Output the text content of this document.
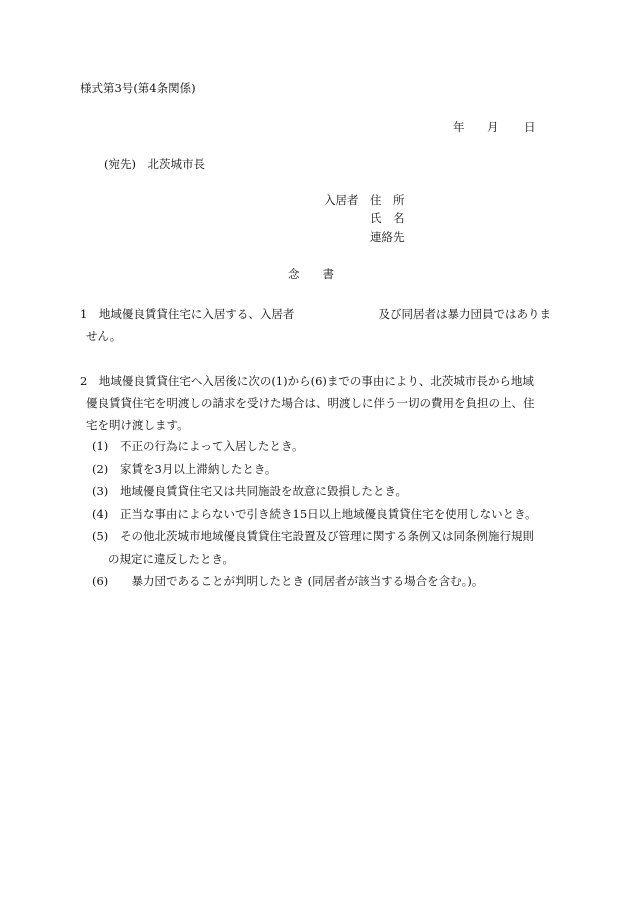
様式第3号(第4条関係)
年 月 日
(宛先)　北茨城市長
入居者 住　所
氏　名
連絡先
念　　書
1　地域優良賃貸住宅に入居する、入居者　　　　　　　 及び同居者は暴力団員ではありま
せん。
2　地域優良賃貸住宅へ入居後に次の(1)から(6)までの事由により、北茨城市長から地域
優良賃貸住宅を明渡しの請求を受けた場合は、明渡しに伴う一切の費用を負担の上、住
宅を明け渡します。
(1) 不正の行為によって入居したとき。
(2) 家賃を3月以上滞納したとき。
(3) 地域優良賃貸住宅又は共同施設を故意に毀損したとき。
(4) 正当な事由によらないで引き続き15日以上地域優良賃貸住宅を使用しないとき。
(5) その他北茨城市地域優良賃貸住宅設置及び管理に関する条例又は同条例施行規則
の規定に違反したとき。
(6)　暴力団であることが判明したとき (同居者が該当する場合を含む。)。
